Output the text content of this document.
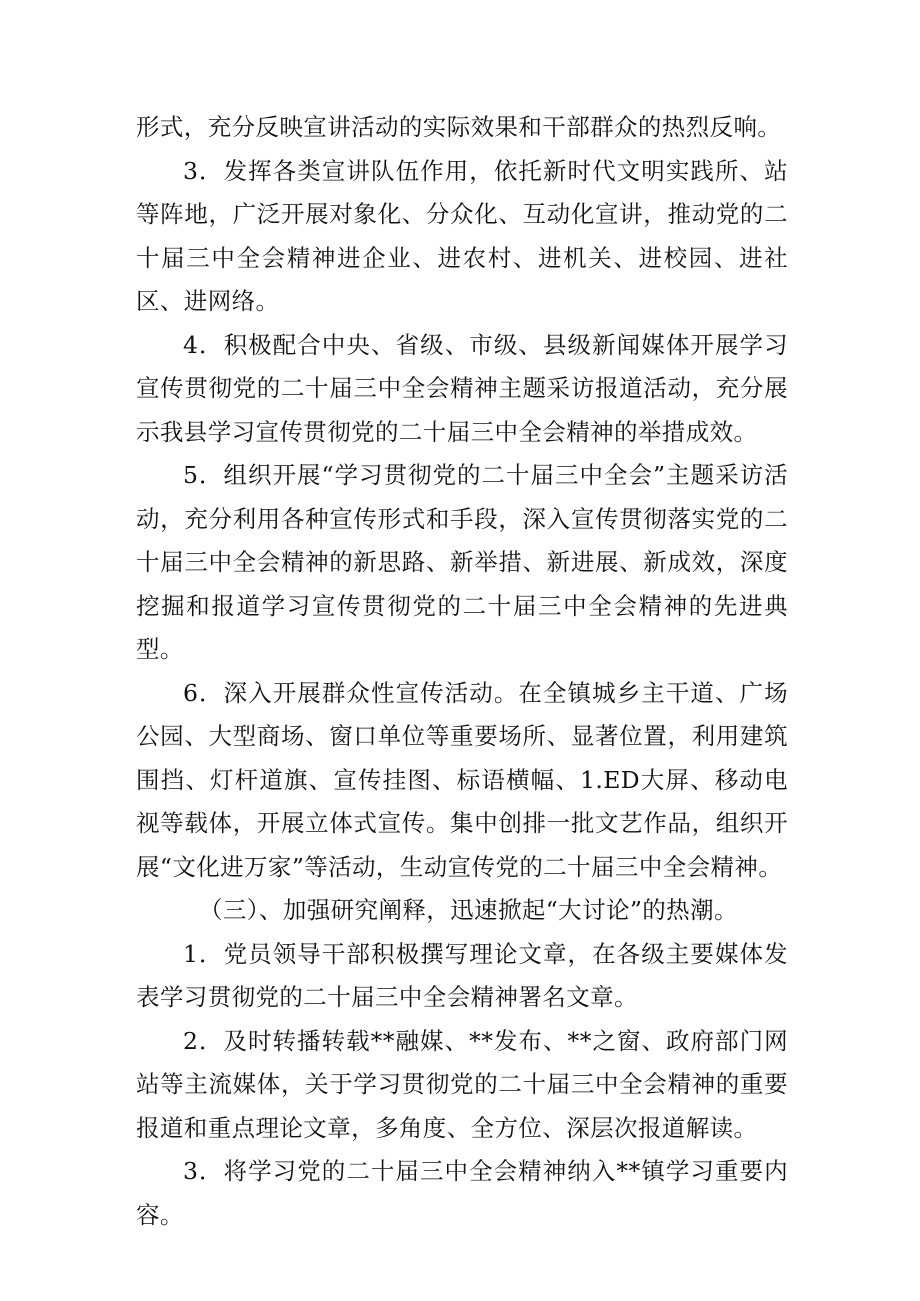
形式，充分反映宣讲活动的实际效果和干部群众的热烈反响。

3．发挥各类宣讲队伍作用，依托新时代文明实践所、站等阵地，广泛开展对象化、分众化、互动化宣讲，推动党的二十届三中全会精神进企业、进农村、进机关、进校园、进社区、进网络。

4．积极配合中央、省级、市级、县级新闻媒体开展学习宣传贯彻党的二十届三中全会精神主题采访报道活动，充分展示我县学习宣传贯彻党的二十届三中全会精神的举措成效。

5．组织开展“学习贯彻党的二十届三中全会”主题采访活动，充分利用各种宣传形式和手段，深入宣传贯彻落实党的二十届三中全会精神的新思路、新举措、新进展、新成效，深度挖掘和报道学习宣传贯彻党的二十届三中全会精神的先进典型。

6．深入开展群众性宣传活动。在全镇城乡主干道、广场公园、大型商场、窗口单位等重要场所、显著位置，利用建筑围挡、灯杆道旗、宣传挂图、标语横幅、1.ED大屏、移动电视等载体，开展立体式宣传。集中创排一批文艺作品，组织开展“文化进万家”等活动，生动宣传党的二十届三中全会精神。

（三）、加强研究阐释，迅速掀起“大讨论”的热潮。

1．党员领导干部积极撰写理论文章，在各级主要媒体发表学习贯彻党的二十届三中全会精神署名文章。

2．及时转播转载**融媒、**发布、**之窗、政府部门网站等主流媒体，关于学习贯彻党的二十届三中全会精神的重要报道和重点理论文章，多角度、全方位、深层次报道解读。

3．将学习党的二十届三中全会精神纳入**镇学习重要内容。
